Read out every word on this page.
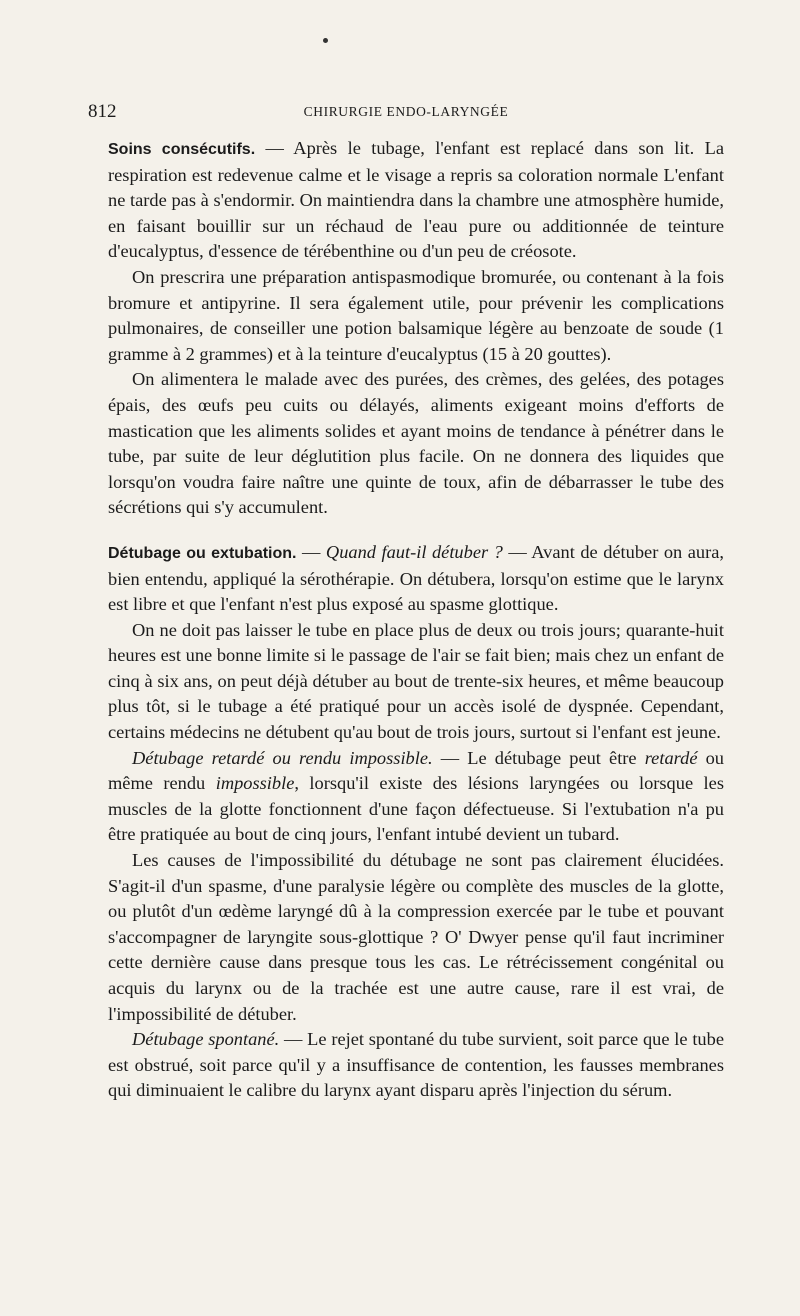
812	CHIRURGIE ENDO-LARYNGÉE

Soins consécutifs. — Après le tubage, l'enfant est replacé dans son lit. La respiration est redevenue calme et le visage a repris sa coloration normale L'enfant ne tarde pas à s'endormir. On maintiendra dans la chambre une atmosphère humide, en faisant bouillir sur un réchaud de l'eau pure ou additionnée de teinture d'eucalyptus, d'essence de térébenthine ou d'un peu de créosote.

On prescrira une préparation antispasmodique bromurée, ou contenant à la fois bromure et antipyrine. Il sera également utile, pour prévenir les complications pulmonaires, de conseiller une potion balsamique légère au benzoate de soude (1 gramme à 2 grammes) et à la teinture d'eucalyptus (15 à 20 gouttes).

On alimentera le malade avec des purées, des crèmes, des gelées, des potages épais, des œufs peu cuits ou délayés, aliments exigeant moins d'efforts de mastication que les aliments solides et ayant moins de tendance à pénétrer dans le tube, par suite de leur déglutition plus facile. On ne donnera des liquides que lorsqu'on voudra faire naître une quinte de toux, afin de débarrasser le tube des sécrétions qui s'y accumulent.

Détubage ou extubation. — Quand faut-il détuber ? — Avant de détuber on aura, bien entendu, appliqué la sérothérapie. On détubera, lorsqu'on estime que le larynx est libre et que l'enfant n'est plus exposé au spasme glottique.

On ne doit pas laisser le tube en place plus de deux ou trois jours; quarante-huit heures est une bonne limite si le passage de l'air se fait bien; mais chez un enfant de cinq à six ans, on peut déjà détuber au bout de trente-six heures, et même beaucoup plus tôt, si le tubage a été pratiqué pour un accès isolé de dyspnée. Cependant, certains médecins ne détubent qu'au bout de trois jours, surtout si l'enfant est jeune.

Détubage retardé ou rendu impossible. — Le détubage peut être retardé ou même rendu impossible, lorsqu'il existe des lésions laryngées ou lorsque les muscles de la glotte fonctionnent d'une façon défectueuse. Si l'extubation n'a pu être pratiquée au bout de cinq jours, l'enfant intubé devient un tubard.

Les causes de l'impossibilité du détubage ne sont pas clairement élucidées. S'agit-il d'un spasme, d'une paralysie légère ou complète des muscles de la glotte, ou plutôt d'un œdème laryngé dû à la compression exercée par le tube et pouvant s'accompagner de laryngite sous-glottique ? O' Dwyer pense qu'il faut incriminer cette dernière cause dans presque tous les cas. Le rétrécissement congénital ou acquis du larynx ou de la trachée est une autre cause, rare il est vrai, de l'impossibilité de détuber.

Détubage spontané. — Le rejet spontané du tube survient, soit parce que le tube est obstrué, soit parce qu'il y a insuffisance de contention, les fausses membranes qui diminuaient le calibre du larynx ayant disparu après l'injection du sérum.
